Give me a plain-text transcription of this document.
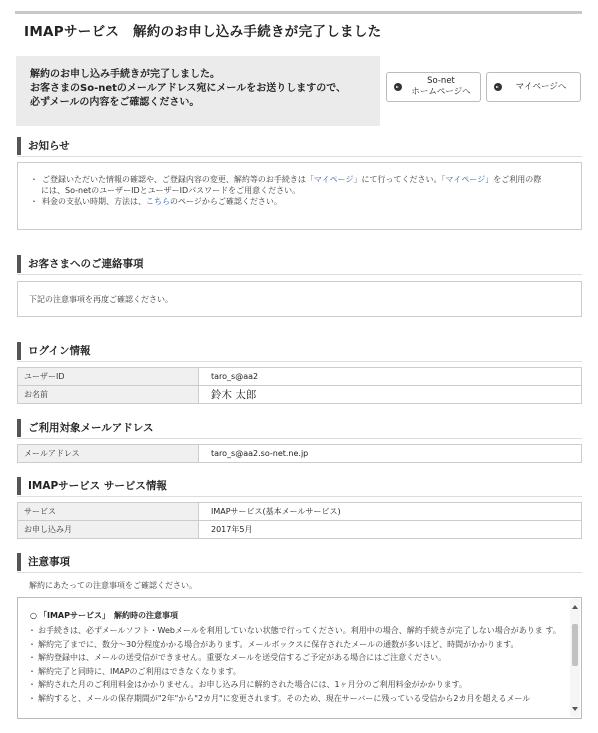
IMAPサービス　解約のお申し込み手続きが完了しました
解約のお申し込み手続きが完了しました。
お客さまのSo-netのメールアドレス宛にメールをお送りしますので、
必ずメールの内容をご確認ください。
So-net
ホームページへ
マイページへ
お知らせ

・ ご登録いただいた情報の確認や、ご登録内容の変更、解約等のお手続きは「マイページ」にて行ってください。「マイページ」をご利用の際

には、So-netのユーザーIDとユーザーIDパスワードをご用意ください。

・ 料金の支払い時期、方法は、こちらのページからご確認ください。

お客さまへのご連絡事項
下記の注意事項を再度ご確認ください。
ログイン情報
ユーザーID	taro_s@aa2
お名前	鈴木 太郎
ご利用対象メールアドレス
メールアドレス	taro_s@aa2.so-net.ne.jp
IMAPサービス サービス情報
サービス	IMAPサービス(基本メールサービス)
お申し込み月	2017年5月
注意事項
解約にあたっての注意事項をご確認ください。
○ 「IMAPサービス」　解約時の注意事項
・ お手続きは、必ずメールソフト・Webメールを利用していない状態で行ってください。利用中の場合、解約手続きが完了しない場合がありま す。
・ 解約完了までに、数分～30分程度かかる場合があります。メールボックスに保存されたメールの通数が多いほど、時間がかかります。
・ 解約登録中は、メールの送受信ができません。重要なメールを送受信するご予定がある場合にはご注意ください。
・ 解約完了と同時に、IMAPのご利用はできなくなります。
・ 解約された月のご利用料金はかかりません。お申し込み月に解約された場合には、1ヶ月分のご利用料金がかかります。
・ 解約すると、メールの保存期間が"2年"から"2カ月"に変更されます。そのため、現在サーバーに残っている受信から2カ月を超えるメール
